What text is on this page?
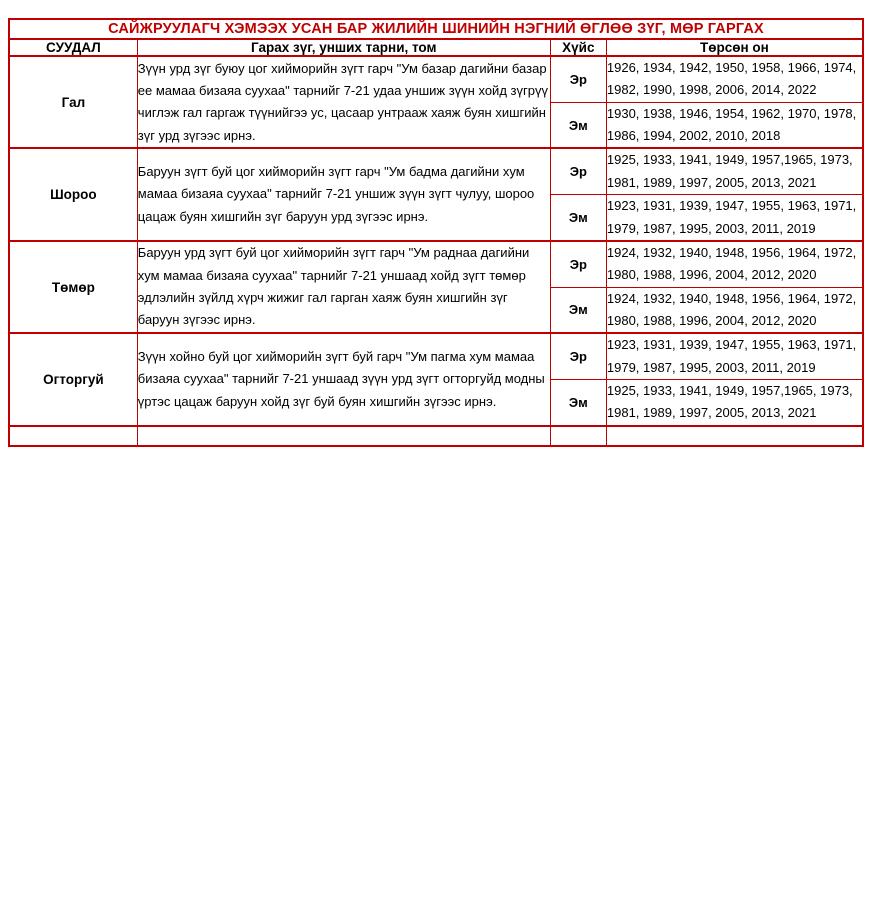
САЙЖРУУЛАГЧ ХЭМЭЭХ УСАН БАР ЖИЛИЙН ШИНИЙН НЭГНИЙ ӨГЛӨӨ ЗҮГ, МӨР ГАРГАХ			
СУУДАЛ	Гарах зүг, унших тарни, том	Хүйс	Төрсөн он
Гал	Зүүн урд зүг буюу цог хийморийн зүгт гарч "Ум базар дагийни базар ее мамаа бизаяа суухаа" тарнийг 7-21 удаа уншиж зүүн хойд зүгрүү чиглэж гал гаргаж түүнийгээ ус, цасаар унтрааж хаяж буян хишгийн зүг урд зүгээс ирнэ.	Эр	1926, 1934, 1942, 1950, 1958, 1966, 1974, 1982, 1990, 1998, 2006, 2014, 2022
		Эм	1930, 1938, 1946, 1954, 1962, 1970, 1978, 1986, 1994, 2002, 2010, 2018
Шороо	Баруун зүгт буй цог хийморийн зүгт гарч "Ум бадма дагийни хум мамаа бизаяа суухаа" тарнийг 7-21 уншиж зүүн зүгт чулуу, шороо цацаж буян хишгийн зүг баруун урд зүгээс ирнэ.	Эр	1925, 1933, 1941, 1949, 1957,1965, 1973, 1981, 1989, 1997, 2005, 2013, 2021
		Эм	1923, 1931, 1939, 1947, 1955, 1963, 1971, 1979, 1987, 1995, 2003, 2011, 2019
Төмөр	Баруун урд зүгт буй цог хийморийн зүгт гарч "Ум раднаа дагийни хум мамаа бизаяа суухаа" тарнийг 7-21 уншаад хойд зүгт төмөр эдлэлийн зүйлд хүрч жижиг гал гарган хаяж буян хишгийн зүг баруун зүгээс ирнэ.	Эр	1924, 1932, 1940, 1948, 1956, 1964, 1972, 1980, 1988, 1996, 2004, 2012, 2020
		Эм	1924, 1932, 1940, 1948, 1956, 1964, 1972, 1980, 1988, 1996, 2004, 2012, 2020
Огторгуй	Зүүн хойно буй цог хийморийн зүгт буй гарч "Ум пагма хум мамаа бизаяа суухаа" тарнийг 7-21 уншаад зүүн урд зүгт огторгуйд модны үртэс цацаж баруун хойд зүг буй буян хишгийн зүгээс ирнэ.	Эр	1923, 1931, 1939, 1947, 1955, 1963, 1971, 1979, 1987, 1995, 2003, 2011, 2019
		Эм	1925, 1933, 1941, 1949, 1957,1965, 1973, 1981, 1989, 1997, 2005, 2013, 2021
